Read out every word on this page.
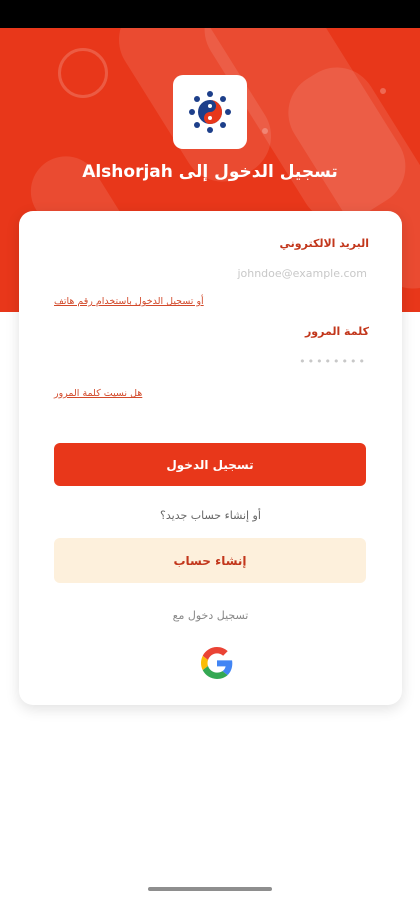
تسجيل الدخول إلى Alshorjah
البريد الالكتروني
johndoe@example.com
أو تسجيل الدخول باستخدام رقم هاتف
كلمة المرور
••••••••
هل نسيت كلمة المرور
تسجيل الدخول
أو إنشاء حساب جديد؟
إنشاء حساب
تسجيل دخول مع
